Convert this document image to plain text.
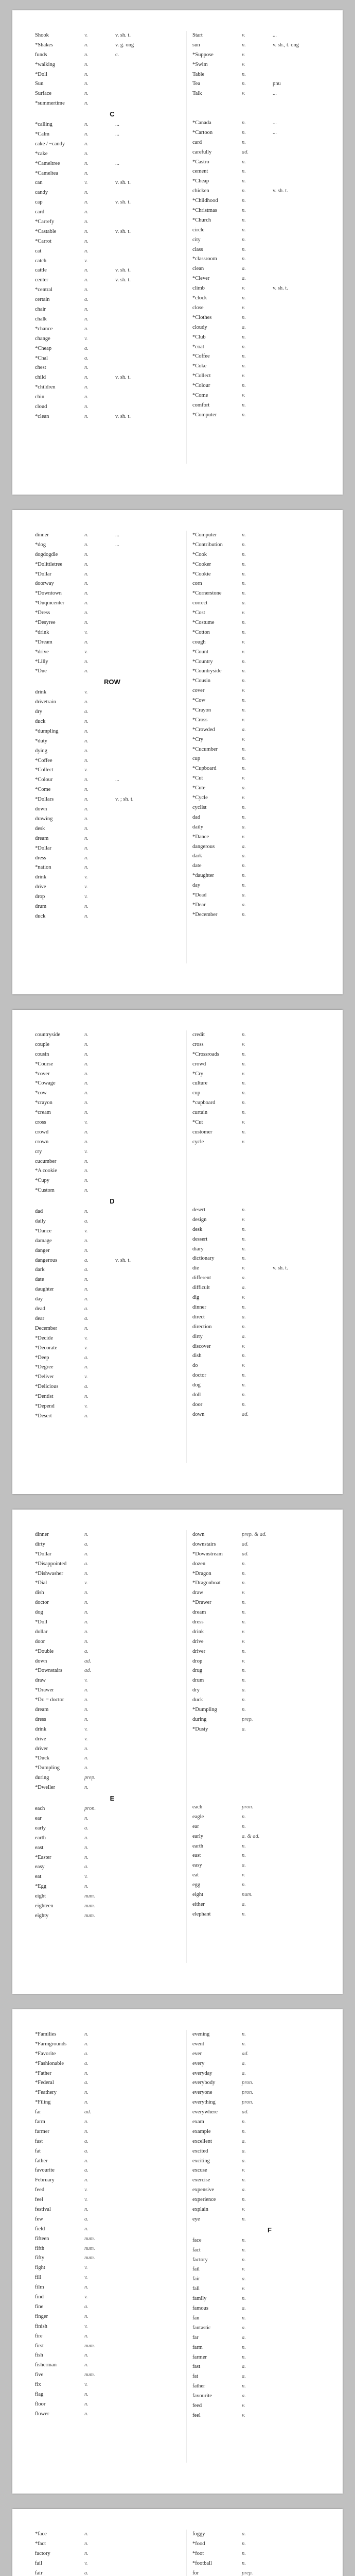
Shook	v.	v. sh. t.
*Shakes	n.	v. g. ong
funds	n.	c.
*walking	n.
*Doll	n.
Sun	n.
Surface	n.
*summertime	n.
C
*calling	n.	...
*Calm	n.	...
cake / ~candy	n.
*cake	n.
*Cameltree	n.	...
*Cameltea	n.
can	v.	v. sh. t.
candy	n.
cap	n.	v. sh. t.
card	n.
*Carrefy	n.
*Castable	n.	v. sh. t.
*Carrot	n.
cat	n.
catch	v.
cattle	n.	v. sh. t.
center	n.	v. sh. t.
*central	n.
certain	a.
chair	n.
chalk	n.
*chance	n.
change	v.
*Cheap	a.
*Chal	a.
chest	n.
child	n.	v. sh. t.
*children	n.
chin	n.
cloud	n.
*clean	n.	v. sh. t.
Start	v.	...
sun	n.	v. sh., t. ong
*Suppose	v.
*Swim	v.
Table	n.
Tea	n.	pnu
Talk	v.	...
*Canada	n.	...
*Cartoon	n.	...
card	n.
carefully	ad.
*Castro	n.
cement	n.
*Cheap	n.
chicken	n.	v. sh. t.
*Childhood	n.
*Christmas	n.
*Church	n.
circle	n.
city	n.
class	n.
*classroom	n.
clean	a.
*Clever	a.
climb	v.	v. sh. t.
*clock	n.
close	v.
*Clothes	n.
cloudy	a.
*Club	n.
*coat	n.
*Coffee	n.
*Coke	n.
*Collect	v.
*Colour	n.
*Come	v.
comfort	n.
*Computer	n.
dinner	n.	...
*dog	n.	...
dogdogdle	n.
*Dolittletree	n.
*Dollar	n.
doorway	n.
*Downtown	n.
*Ouqmcenter	n.
*Dress	n.
*Desyree	n.
*drink	v.
*Dream	n.
*drive	v.
*Lilly	n.
*Due	n.
ROW
drink	v.
drivetrain	n.
dry	a.
duck	n.
*dumpling	n.
*duty	n.
dying	n.
*Coffee	n.
*Collect	v.
*Colour	n.	...
*Come	n.
*Dollars	n.	v. ; sh. t.
down	n.
drawing	n.
desk	n.
dream	n.
*Dollar	n.
dress	n.
*nation	n.
drink	v.
drive	v.
drop	v.
drum	n.
duck	n.
*Computer	n.
*Contribution	n.
*Cook	n.
*Cooker	n.
*Cookie	n.
corn	n.
*Cornerstone	n.
correct	a.
*Cost	v.
*Costume	n.
*Cotton	n.
cough	v.
*Count	v.
*Country	n.
*Countryside	n.
*Cousin	n.
cover	v.
*Cow	n.
*Crayon	n.
*Cross	v.
*Crowded	a.
*Cry	v.
*Cucumber	n.
cup	n.
*Cupboard	n.
*Cut	v.
*Cute	a.
*Cycle	v.
cyclist	n.
dad	n.
daily	a.
*Dance	v.
dangerous	a.
dark	a.
date	n.
*daughter	n.
day	n.
*Dead	a.
*Dear	a.
*December	n.
countryside	n.
couple	n.
cousin	n.
*Course	n.
*cover	n.
*Cowage	n.
*cow	n.
*crayon	n.
*cream	n.
cross	v.
crowd	n.
crown	n.
cry	v.
cucumber	n.
*A cookie	n.
*Cupy	n.
*Custom	n.
D
dad	n.
daily	a.
*Dance	v.
damage	n.
danger	n.
dangerous	a.	v. sh. t.
dark	a.
date	n.
daughter	n.
day	n.
dead	a.
dear	a.
December	n.
*Decide	v.
*Decorate	v.
*Deep	a.
*Degree	n.
*Deliver	v.
*Delicious	a.
*Dentist	n.
*Depend	v.
*Desert	n.
credit	n.
cross	v.
*Crossroads	n.
crowd	n.
*Cry	v.
culture	n.
cup	n.
*cupboard	n.
curtain	n.
*Cut	v.
customer	n.
cycle	v.
desert	n.
design	v.
desk	n.
dessert	n.
diary	n.
dictionary	n.
die	v.	v. sh. t.
different	a.
difficult	a.
dig	v.
dinner	n.
direct	a.
direction	n.
dirty	a.
discover	v.
dish	n.
do	v.
doctor	n.
dog	n.
doll	n.
door	n.
down	ad.
dinner	n.
dirty	a.
*Dollar	n.
*Disappointed	a.
*Dishwasher	n.
*Dial	v.
dish	n.
doctor	n.
dog	n.
*Doll	n.
dollar	n.
door	n.
*Double	a.
down	ad.
*Downstairs	ad.
draw	v.
*Drawer	n.
*Dr. = doctor	n.
dream	n.
dress	n.
drink	v.
drive	v.
driver	n.
*Duck	n.
*Dumpling	n.
during	prep.
*Dweller	n.
E
each	pron.
ear	n.
early	a.
earth	n.
east	n.
*Easter	n.
easy	a.
eat	v.
*Egg	n.
eight	num.
eighteen	num.
eighty	num.
down	prep. & ad.
downstairs	ad.
*Downstream	ad.
dozen	n.
*Dragon	n.
*Dragonboat	n.
draw	v.
*Drawer	n.
dream	n.
dress	n.
drink	v.
drive	v.
driver	n.
drop	v.
drug	n.
drum	n.
dry	a.
duck	n.
*Dumpling	n.
during	prep.
*Dusty	a.
each	pron.
eagle	n.
ear	n.
early	a. & ad.
earth	n.
east	n.
easy	a.
eat	v.
egg	n.
eight	num.
either	a.
elephant	n.
*Families	n.
*Farmgrounds	n.
*Favorite	a.
*Fashionable	a.
*Father	n.
*Federal	a.
*Feathery	n.
*Filing	n.
far	ad.
farm	n.
farmer	n.
fast	a.
fat	a.
father	n.
favourite	a.
February	n.
feed	v.
feel	v.
festival	n.
few	a.
field	n.
fifteen	num.
fifth	num.
fifty	num.
fight	v.
fill	v.
film	n.
find	v.
fine	a.
finger	n.
finish	v.
fire	n.
first	num.
fish	n.
fisherman	n.
five	num.
fix	v.
flag	n.
floor	n.
flower	n.
evening	n.
event	n.
ever	ad.
every	a.
everyday	a.
everybody	pron.
everyone	pron.
everything	pron.
everywhere	ad.
exam	n.
example	n.
excellent	a.
excited	a.
exciting	a.
excuse	v.
exercise	n.
expensive	a.
experience	n.
explain	v.
eye	n.
F
face	n.
fact	n.
factory	n.
fail	v.
fair	a.
fall	v.
family	n.
famous	a.
fan	n.
fantastic	a.
far	a.
farm	n.
farmer	n.
fast	a.
fat	a.
father	n.
favourite	a.
feed	v.
feel	v.
*face	n.
*fact	n.
factory	n.
fail	v.
fair	a.
foggy	a.
*food	n.
*foot	n.
*football	n.
for	prep.
